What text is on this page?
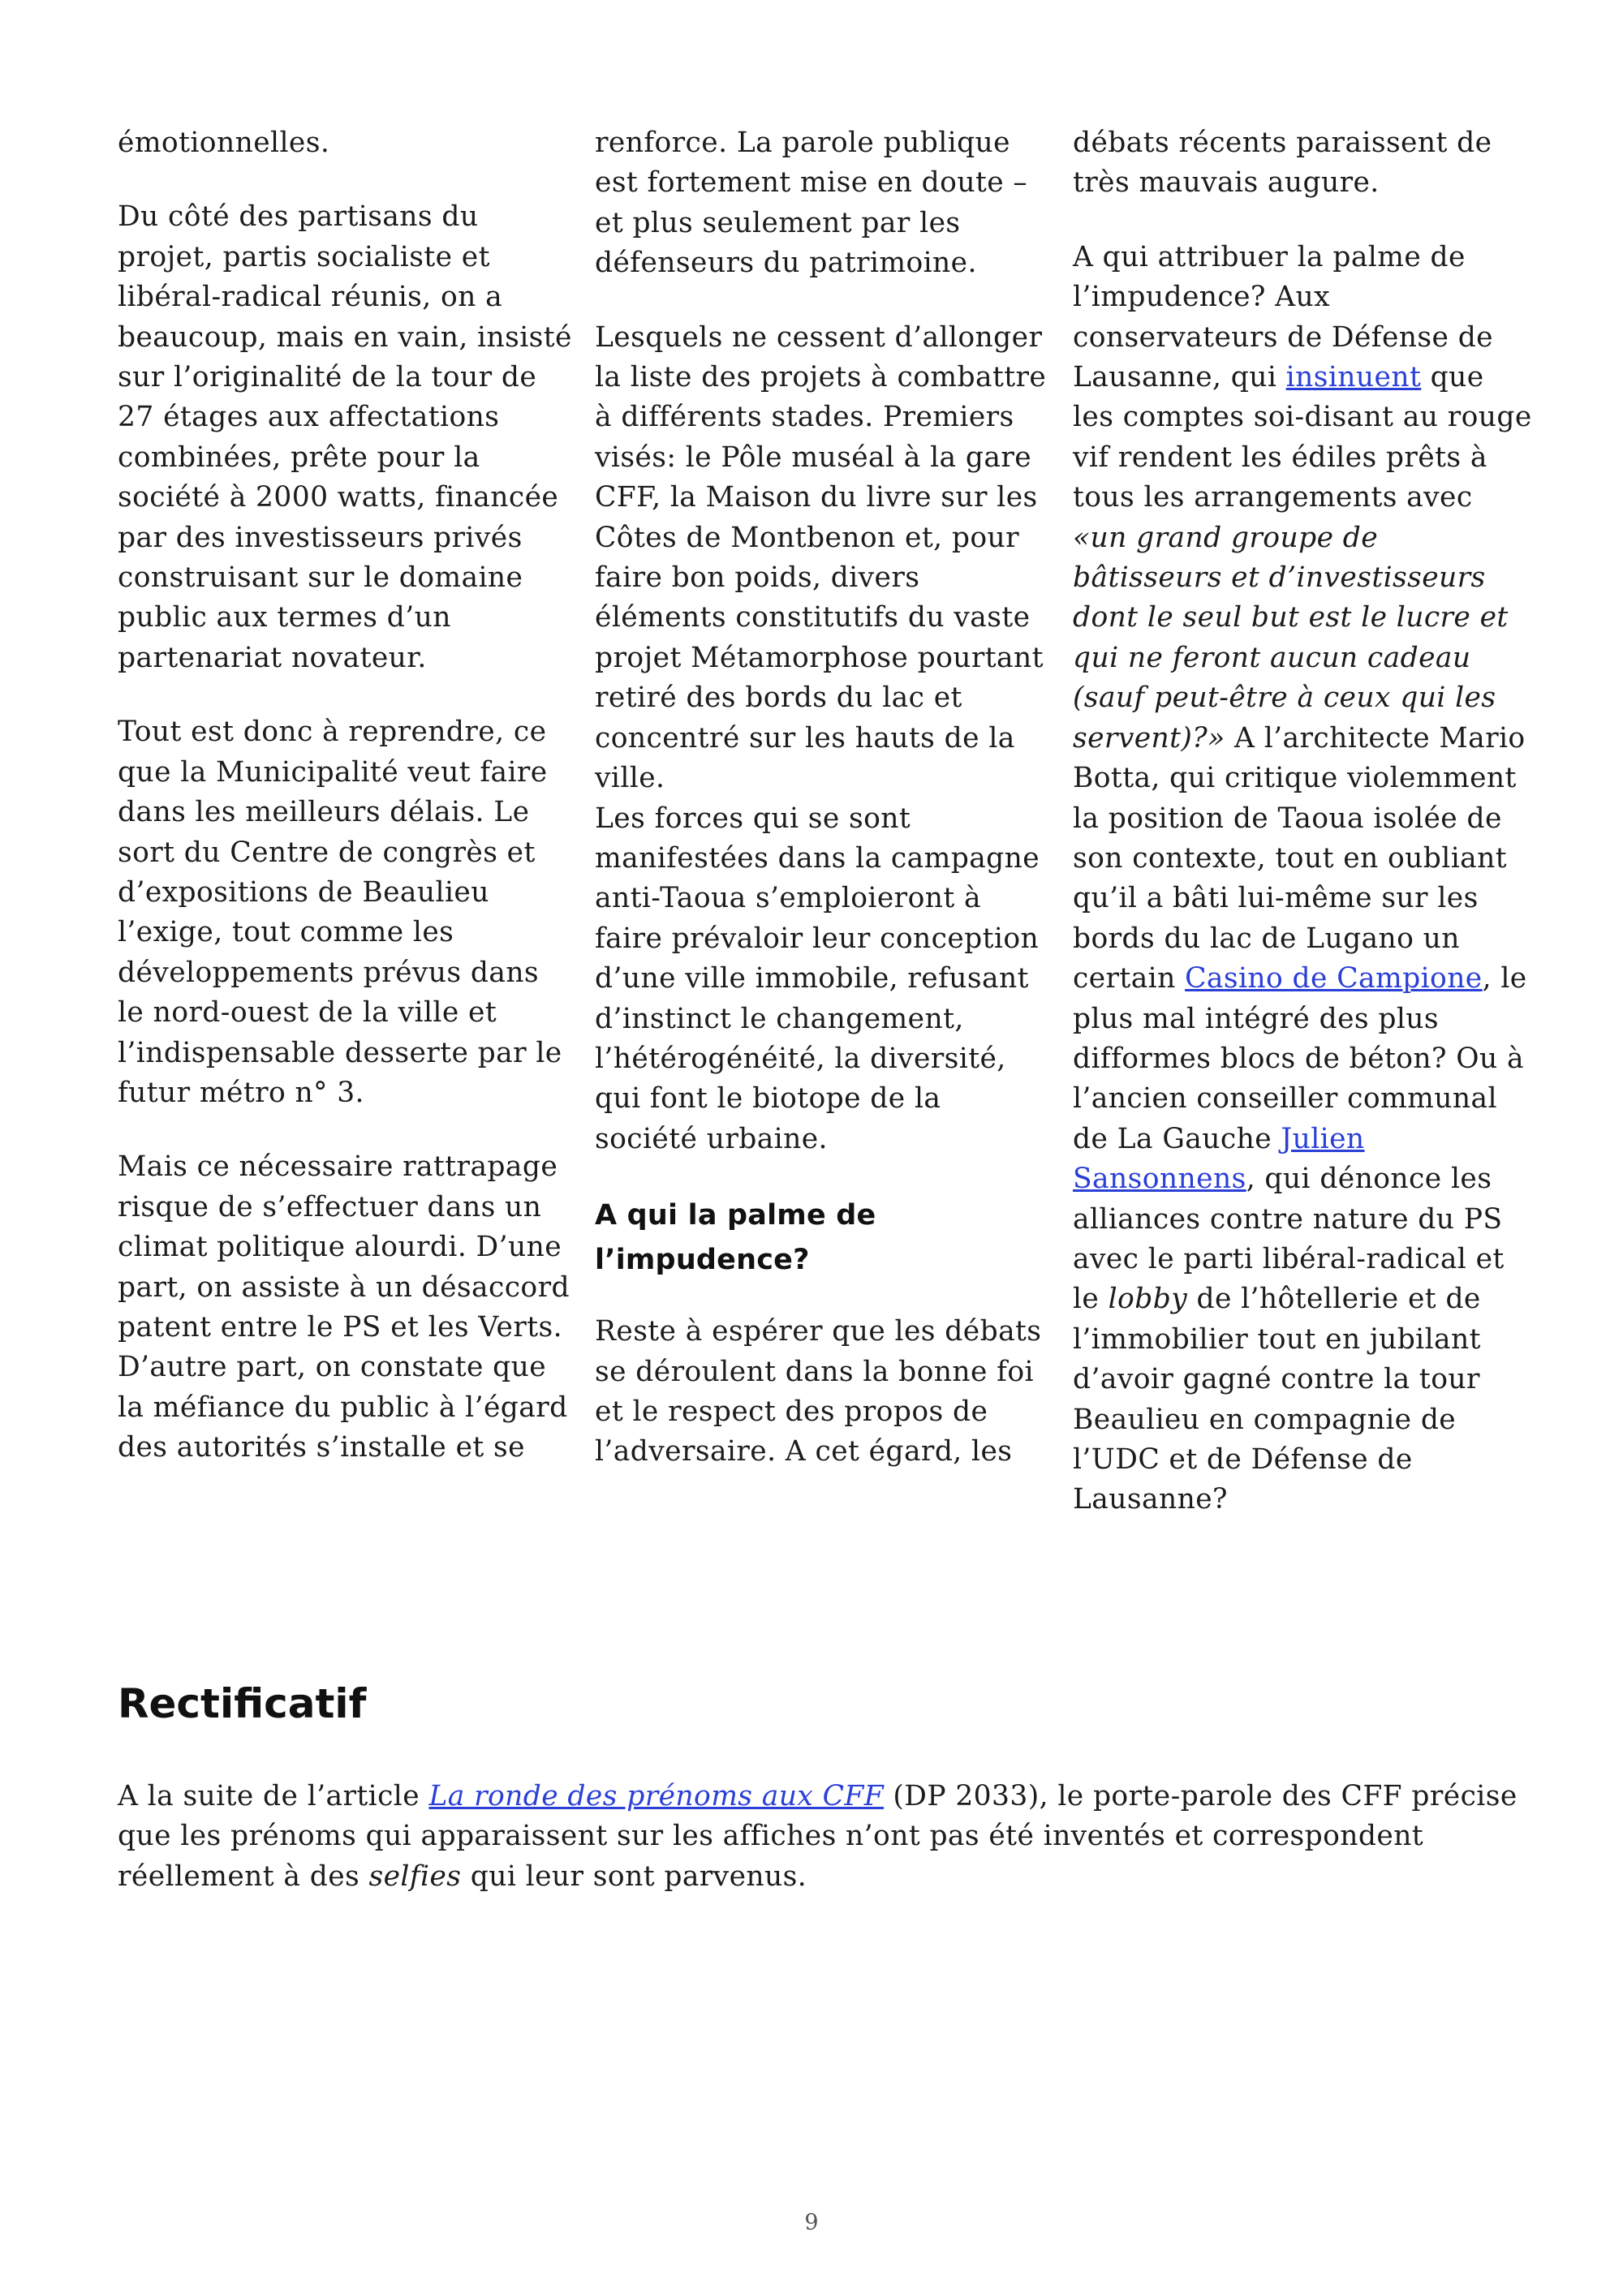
émotionnelles.

Du côté des partisans du projet, partis socialiste et libéral-radical réunis, on a beaucoup, mais en vain, insisté sur l’originalité de la tour de 27 étages aux affectations combinées, prête pour la société à 2000 watts, financée par des investisseurs privés construisant sur le domaine public aux termes d’un partenariat novateur.

Tout est donc à reprendre, ce que la Municipalité veut faire dans les meilleurs délais. Le sort du Centre de congrès et d’expositions de Beaulieu l’exige, tout comme les développements prévus dans le nord-ouest de la ville et l’indispensable desserte par le futur métro n° 3.

Mais ce nécessaire rattrapage risque de s’effectuer dans un climat politique alourdi. D’une part, on assiste à un désaccord patent entre le PS et les Verts. D’autre part, on constate que la méfiance du public à l’égard des autorités s’installe et se

renforce. La parole publique est fortement mise en doute – et plus seulement par les défenseurs du patrimoine.

Lesquels ne cessent d’allonger la liste des projets à combattre à différents stades. Premiers visés: le Pôle muséal à la gare CFF, la Maison du livre sur les Côtes de Montbenon et, pour faire bon poids, divers éléments constitutifs du vaste projet Métamorphose pourtant retiré des bords du lac et concentré sur les hauts de la ville.

Les forces qui se sont manifestées dans la campagne anti-Taoua s’emploieront à faire prévaloir leur conception d’une ville immobile, refusant d’instinct le changement, l’hétérogénéité, la diversité, qui font le biotope de la société urbaine.

A qui la palme de l’impudence?

Reste à espérer que les débats se déroulent dans la bonne foi et le respect des propos de l’adversaire. A cet égard, les

débats récents paraissent de très mauvais augure.

A qui attribuer la palme de l’impudence? Aux conservateurs de Défense de Lausanne, qui insinuent que les comptes soi-disant au rouge vif rendent les édiles prêts à tous les arrangements avec «un grand groupe de bâtisseurs et d’investisseurs dont le seul but est le lucre et qui ne feront aucun cadeau (sauf peut-être à ceux qui les servent)?» A l’architecte Mario Botta, qui critique violemment la position de Taoua isolée de son contexte, tout en oubliant qu’il a bâti lui-même sur les bords du lac de Lugano un certain Casino de Campione, le plus mal intégré des plus difformes blocs de béton? Ou à l’ancien conseiller communal de La Gauche Julien Sansonnens, qui dénonce les alliances contre nature du PS avec le parti libéral-radical et le lobby de l’hôtellerie et de l’immobilier tout en jubilant d’avoir gagné contre la tour Beaulieu en compagnie de l’UDC et de Défense de Lausanne?

Rectificatif

A la suite de l’article La ronde des prénoms aux CFF (DP 2033), le porte-parole des CFF précise que les prénoms qui apparaissent sur les affiches n’ont pas été inventés et correspondent réellement à des selfies qui leur sont parvenus.

9
